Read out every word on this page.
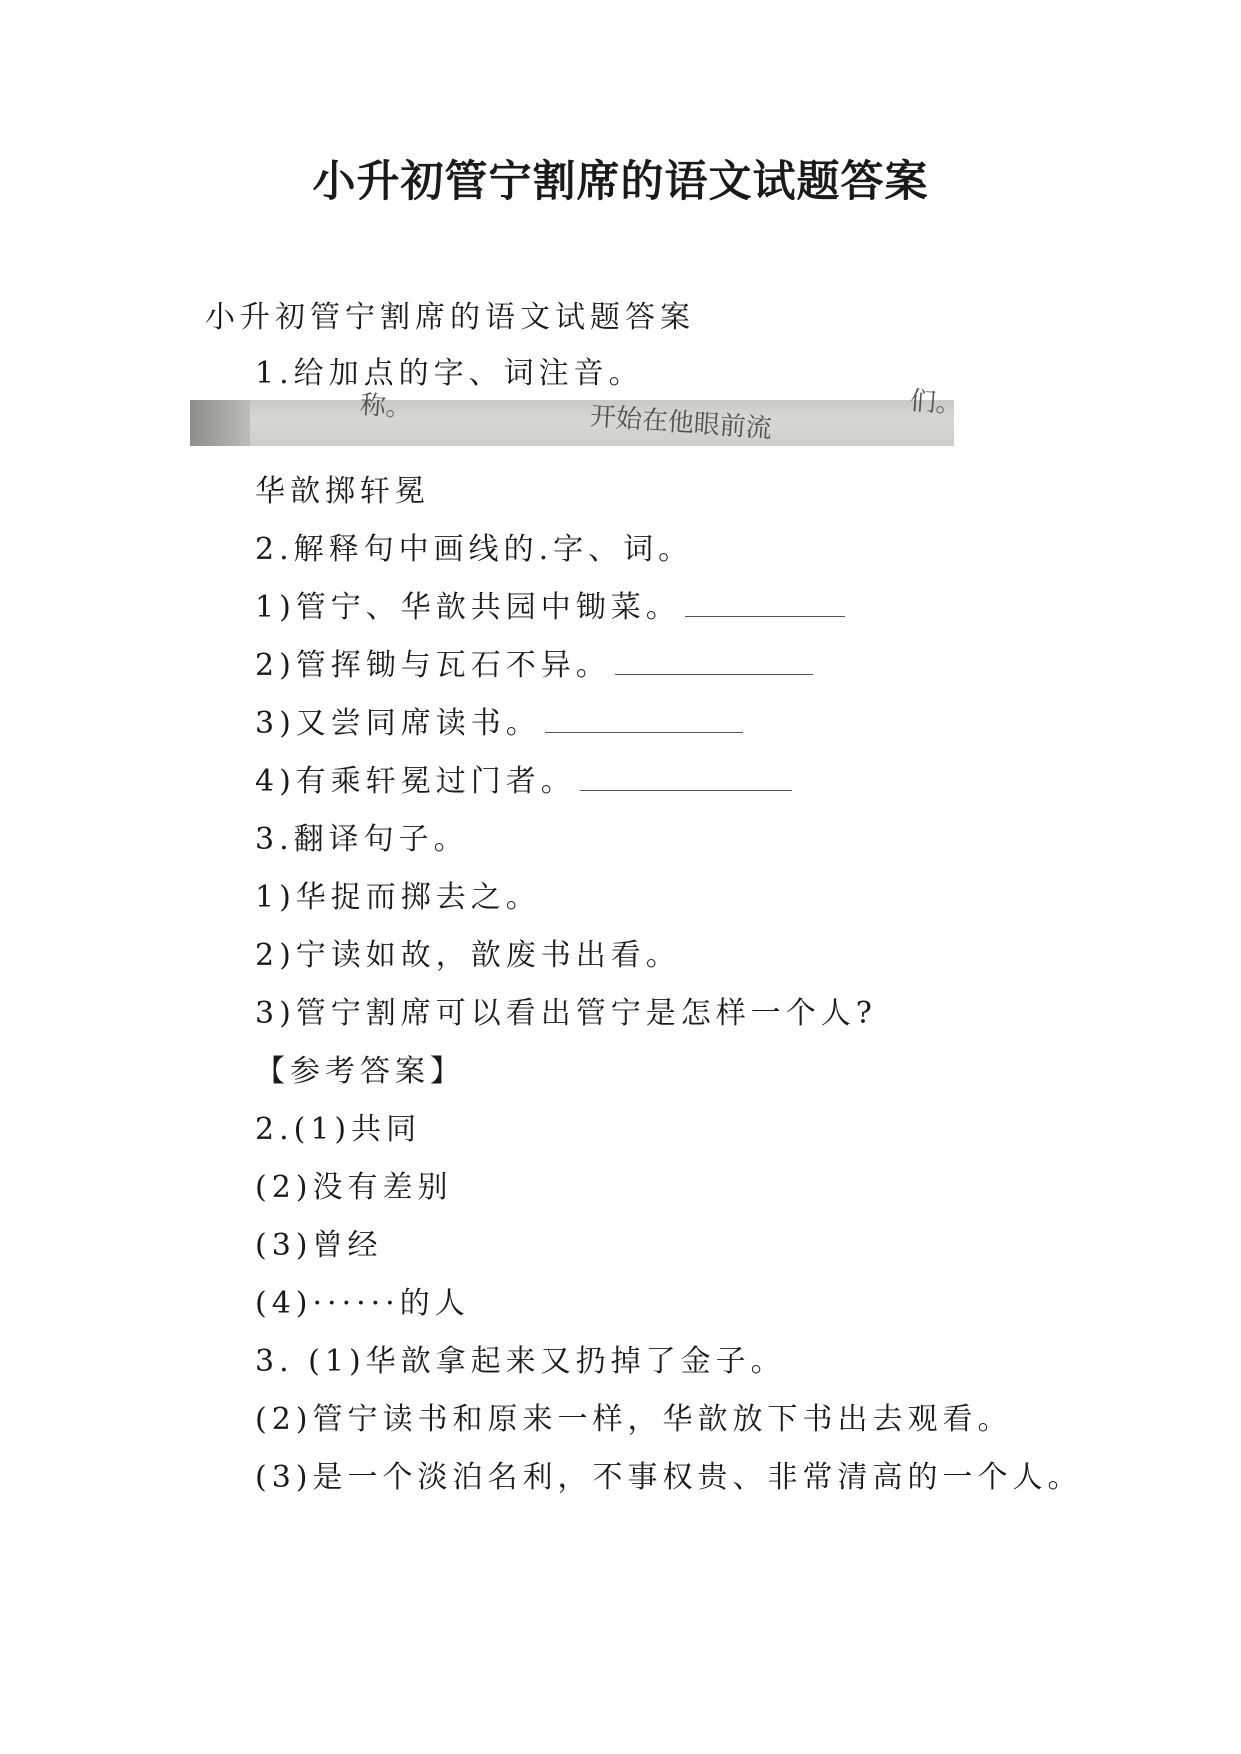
小升初管宁割席的语文试题答案
小升初管宁割席的语文试题答案
1.给加点的字、词注音。
称。	开始在他眼前流	们。
华歆掷轩冕
2.解释句中画线的.字、词。
1)管宁、华歆共园中锄菜。
2)管挥锄与瓦石不异。
3)又尝同席读书。
4)有乘轩冕过门者。
3.翻译句子。
1)华捉而掷去之。
2)宁读如故，歆废书出看。
3)管宁割席可以看出管宁是怎样一个人?
【参考答案】
2.(1)共同
(2)没有差别
(3)曾经
(4)······的人
3. (1)华歆拿起来又扔掉了金子。
(2)管宁读书和原来一样，华歆放下书出去观看。
(3)是一个淡泊名利，不事权贵、非常清高的一个人。
